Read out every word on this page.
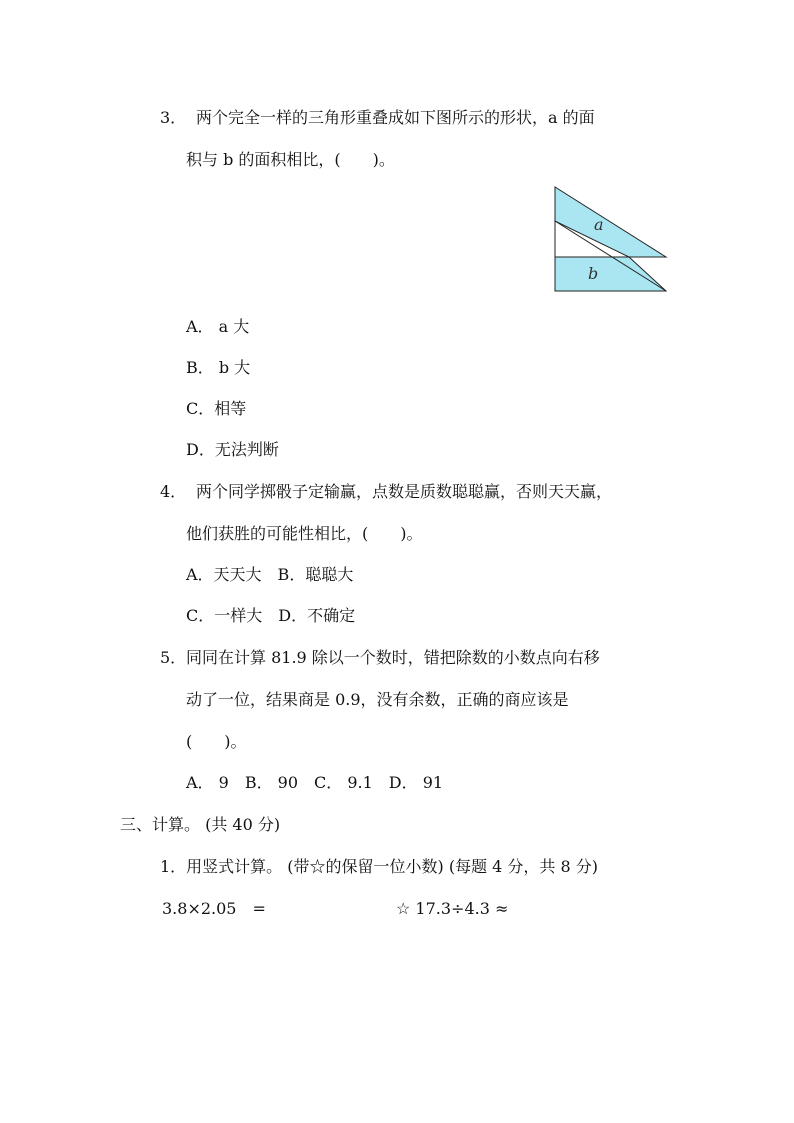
3． 两个完全一样的三角形重叠成如下图所示的形状，a 的面
积与 b 的面积相比，(　　)。
a
b
A． a 大
B． b 大
C．相等
D．无法判断
4． 两个同学掷骰子定输赢，点数是质数聪聪赢，否则天天赢，
他们获胜的可能性相比，(　　)。
A．天天大　B．聪聪大
C．一样大　D．不确定
5． 同同在计算 81.9 除以一个数时，错把除数的小数点向右移
动了一位，结果商是 0.9，没有余数，正确的商应该是
(　　)。
A． 9　B． 90　C． 9.1　D． 91
三、计算。 (共 40 分)
1．用竖式计算。 (带☆的保留一位小数) (每题 4 分，共 8 分)
3.8×2.05　=	☆ 17.3÷4.3 ≈
